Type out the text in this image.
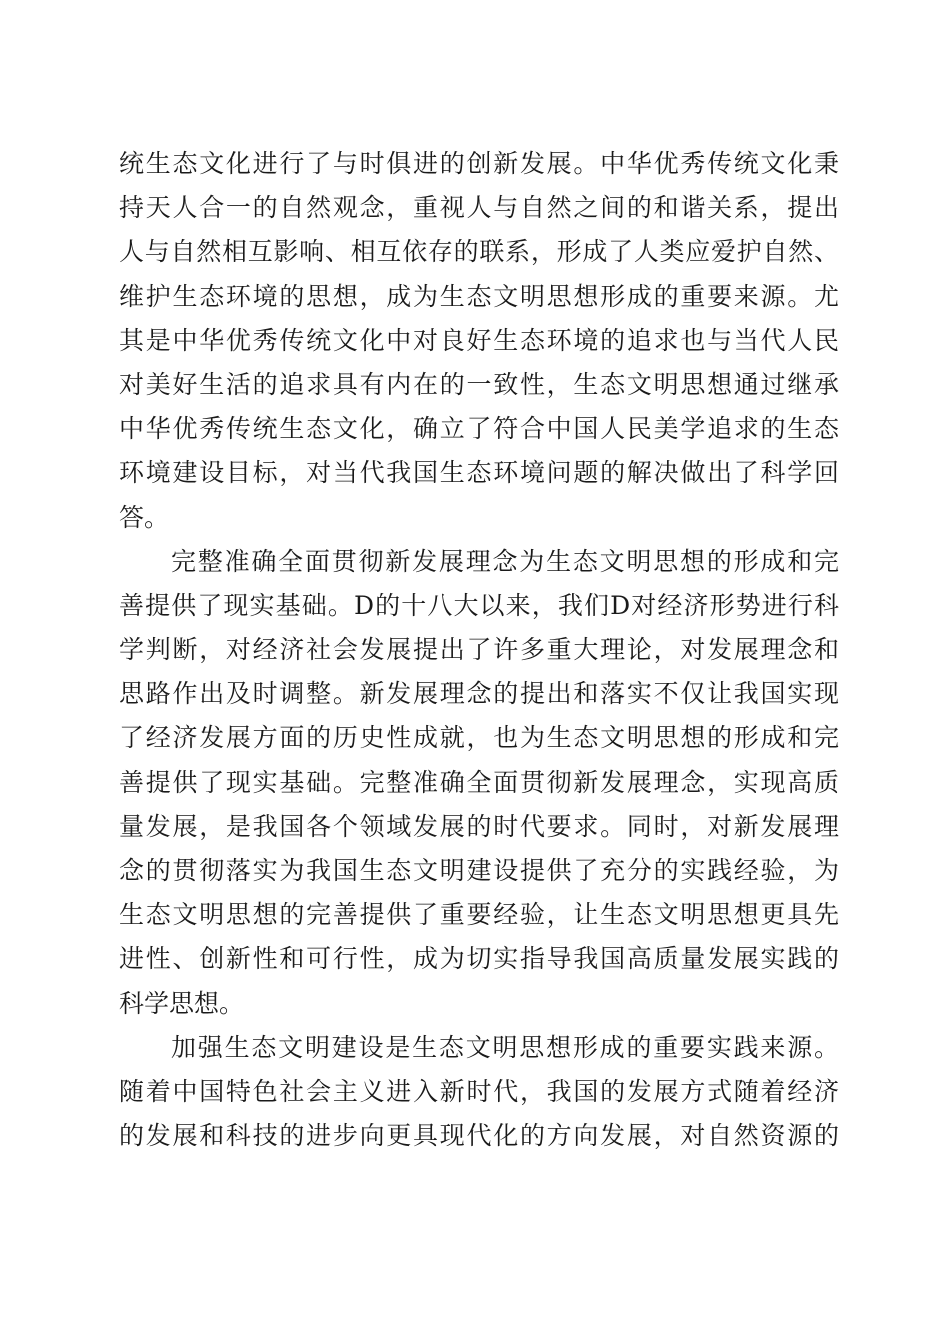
统生态文化进行了与时俱进的创新发展。中华优秀传统文化秉
持天人合一的自然观念，重视人与自然之间的和谐关系，提出
人与自然相互影响、相互依存的联系，形成了人类应爱护自然、
维护生态环境的思想，成为生态文明思想形成的重要来源。尤
其是中华优秀传统文化中对良好生态环境的追求也与当代人民
对美好生活的追求具有内在的一致性，生态文明思想通过继承
中华优秀传统生态文化，确立了符合中国人民美学追求的生态
环境建设目标，对当代我国生态环境问题的解决做出了科学回
答。
完整准确全面贯彻新发展理念为生态文明思想的形成和完
善提供了现实基础。D的十八大以来，我们D对经济形势进行科
学判断，对经济社会发展提出了许多重大理论，对发展理念和
思路作出及时调整。新发展理念的提出和落实不仅让我国实现
了经济发展方面的历史性成就，也为生态文明思想的形成和完
善提供了现实基础。完整准确全面贯彻新发展理念，实现高质
量发展，是我国各个领域发展的时代要求。同时，对新发展理
念的贯彻落实为我国生态文明建设提供了充分的实践经验，为
生态文明思想的完善提供了重要经验，让生态文明思想更具先
进性、创新性和可行性，成为切实指导我国高质量发展实践的
科学思想。
加强生态文明建设是生态文明思想形成的重要实践来源。
随着中国特色社会主义进入新时代，我国的发展方式随着经济
的发展和科技的进步向更具现代化的方向发展，对自然资源的
